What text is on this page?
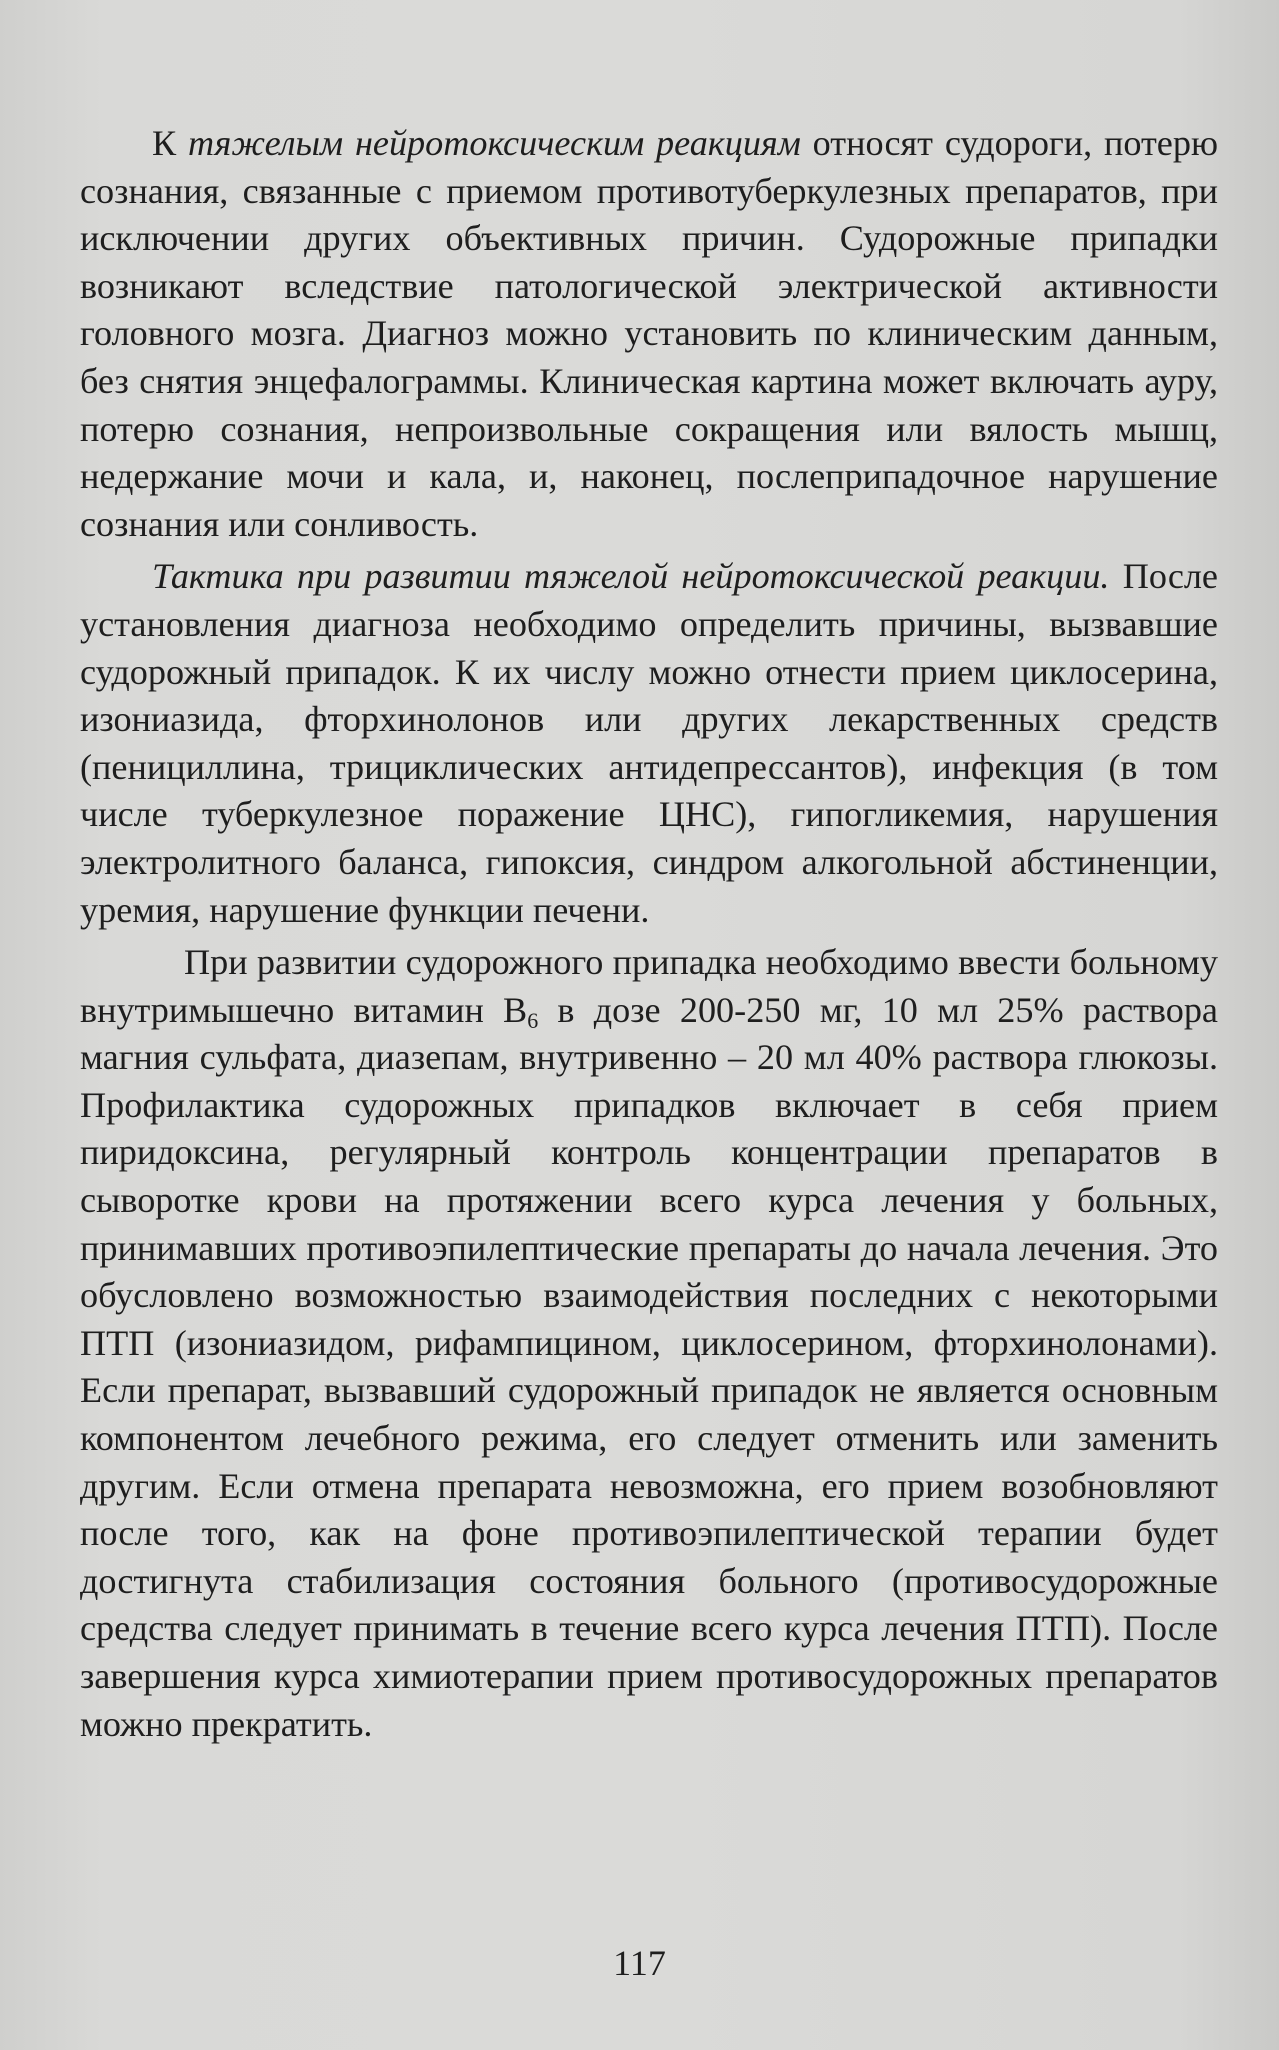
К тяжелым нейротоксическим реакциям относят судороги, потерю сознания, связанные с приемом противотуберкулезных препаратов, при исключении других объективных причин. Судорожные припадки возникают вследствие патологической электрической активности головного мозга. Диагноз можно установить по клиническим данным, без снятия энцефалограммы. Клиническая картина может включать ауру, потерю сознания, непроизвольные сокращения или вялость мышц, недержание мочи и кала, и, наконец, послеприпадочное нарушение сознания или сонливость.

Тактика при развитии тяжелой нейротоксической реакции. После установления диагноза необходимо определить причины, вызвавшие судорожный припадок. К их числу можно отнести прием циклосерина, изониазида, фторхинолонов или других лекарственных средств (пенициллина, трициклических антидепрессантов), инфекция (в том числе туберкулезное поражение ЦНС), гипогликемия, нарушения электролитного баланса, гипоксия, синдром алкогольной абстиненции, уремия, нарушение функции печени.

При развитии судорожного припадка необходимо ввести больному внутримышечно витамин $В_6$ в дозе 200-250 мг, 10 мл 25% раствора магния сульфата, диазепам, внутривенно – 20 мл 40% раствора глюкозы. Профилактика судорожных припадков включает в себя прием пиридоксина, регулярный контроль концентрации препаратов в сыворотке крови на протяжении всего курса лечения у больных, принимавших противоэпилептические препараты до начала лечения. Это обусловлено возможностью взаимодействия последних с некоторыми ПТП (изониазидом, рифампицином, циклосерином, фторхинолонами). Если препарат, вызвавший судорожный припадок не является основным компонентом лечебного режима, его следует отменить или заменить другим. Если отмена препарата невозможна, его прием возобновляют после того, как на фоне противоэпилептической терапии будет достигнута стабилизация состояния больного (противосудорожные средства следует принимать в течение всего курса лечения ПТП). После завершения курса химиотерапии прием противосудорожных препаратов можно прекратить.

117
